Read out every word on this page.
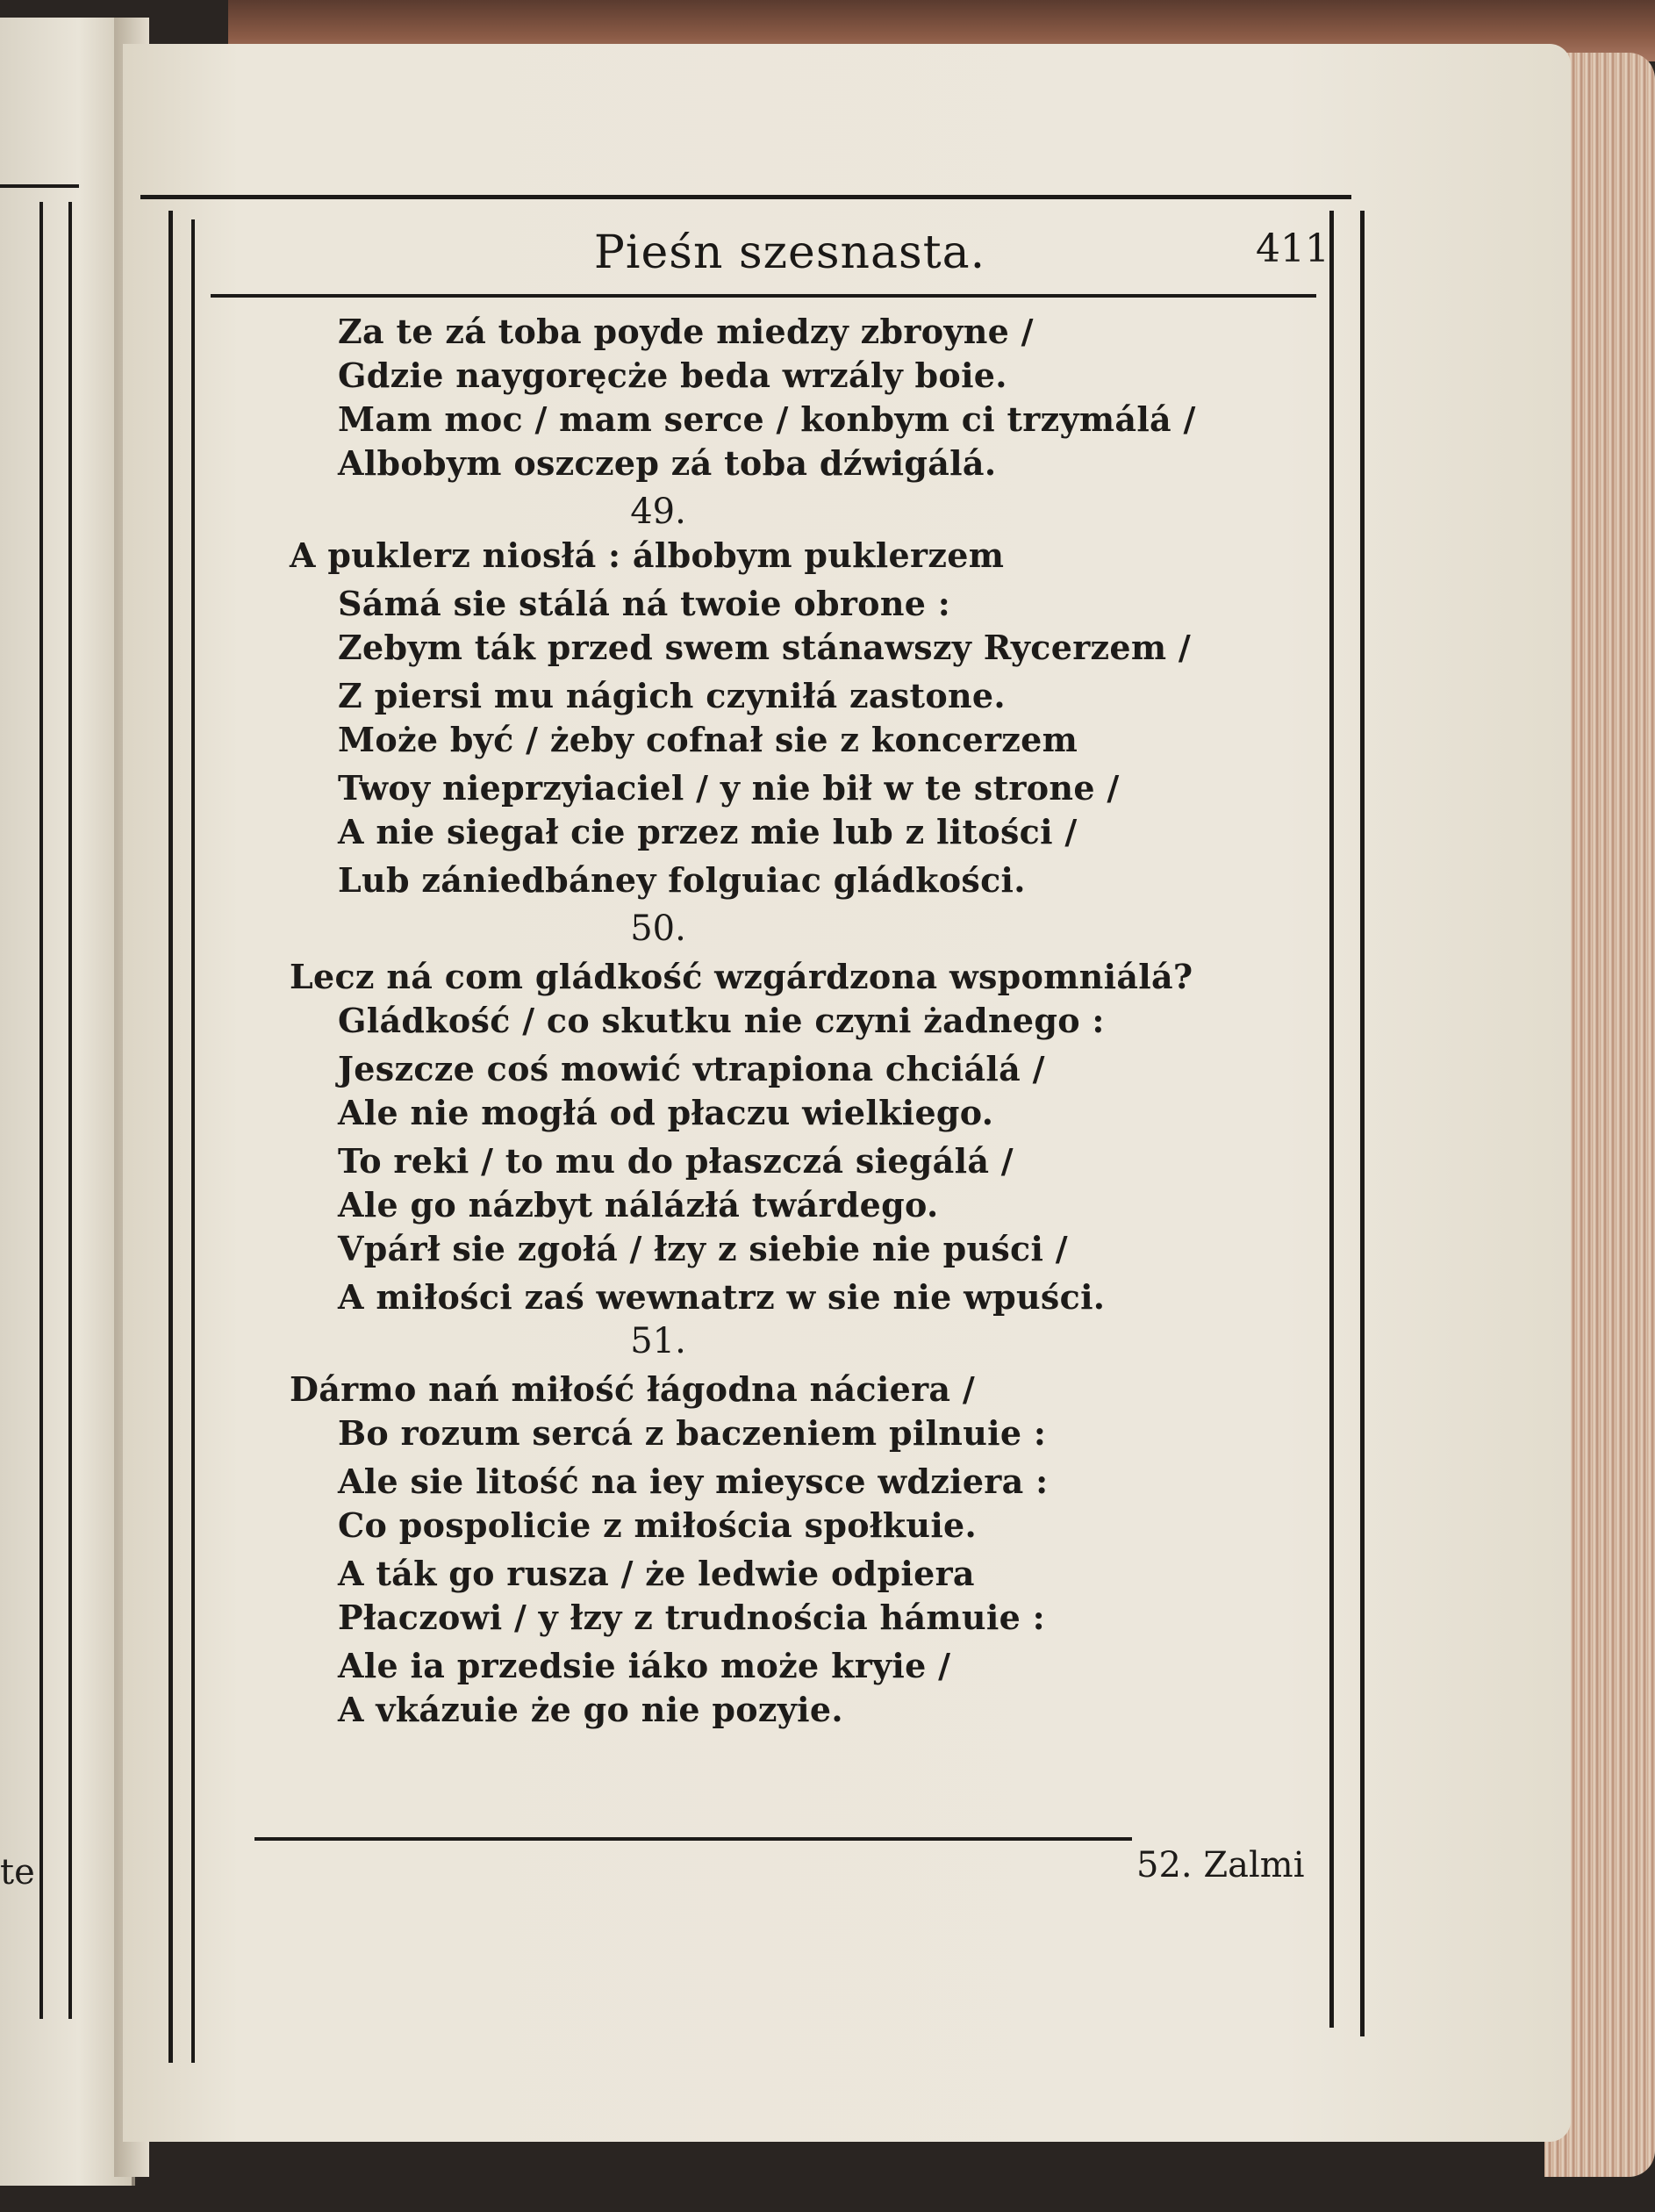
te
Pieśn szesnasta.	411
Za te zá toba poyde miedzy zbroyne /
Gdzie naygoręcże beda wrzály boie.
Mam moc / mam serce / konbym ci trzymálá /
Albobym oszczep zá toba dźwigálá.
49.
A puklerz niosłá : álbobym puklerzem
Sámá sie stálá ná twoie obrone :
Zebym ták przed swem stánawszy Rycerzem /
Z piersi mu nágich czyniłá zastone.
Może być / żeby cofnał sie z koncerzem
Twoy nieprzyiaciel / y nie bił w te strone /
A nie siegał cie przez mie lub z litości /
Lub zániedbáney folguiac gládkości.
50.
Lecz ná com gládkość wzgárdzona wspomniálá?
Gládkość / co skutku nie czyni żadnego :
Jeszcze coś mowić vtrapiona chciálá /
Ale nie mogłá od płaczu wielkiego.
To reki / to mu do płaszczá siegálá /
Ale go názbyt nálázłá twárdego.
Vpárł sie zgołá / łzy z siebie nie puści /
A miłości zaś wewnatrz w sie nie wpuści.
51.
Dármo nań miłość łágodna náciera /
Bo rozum sercá z baczeniem pilnuie :
Ale sie litość na iey mieysce wdziera :
Co pospolicie z miłościa społkuie.
A ták go rusza / że ledwie odpiera
Płaczowi / y łzy z trudnościa hámuie :
Ale ia przedsie iáko może kryie /
A vkázuie że go nie pozyie.
52. Zalmi
